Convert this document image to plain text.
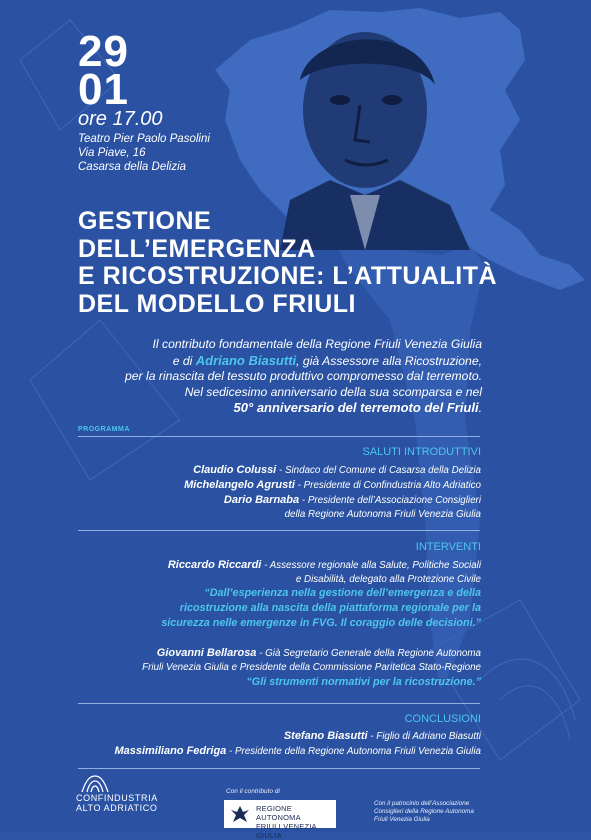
29
01
ore 17.00
Teatro Pier Paolo Pasolini
Via Piave, 16
Casarsa della Delizia
GESTIONE
DELL’EMERGENZA
E RICOSTRUZIONE: L’ATTUALITÀ
DEL MODELLO FRIULI
Il contributo fondamentale della Regione Friuli Venezia Giulia
e di Adriano Biasutti, già Assessore alla Ricostruzione,
per la rinascita del tessuto produttivo compromesso dal terremoto.
Nel sedicesimo anniversario della sua scomparsa e nel
50° anniversario del terremoto del Friuli.
PROGRAMMA
SALUTI INTRODUTTIVI
Claudio Colussi - Sindaco del Comune di Casarsa della Delizia
Michelangelo Agrusti - Presidente di Confindustria Alto Adriatico
Dario Barnaba - Presidente dell’Associazione Consiglieri
della Regione Autonoma Friuli Venezia Giulia
INTERVENTI
Riccardo Riccardi - Assessore regionale alla Salute, Politiche Sociali
e Disabilità, delegato alla Protezione Civile
“Dall’esperienza nella gestione dell’emergenza e della
ricostruzione alla nascita della piattaforma regionale per la
sicurezza nelle emergenze in FVG. Il coraggio delle decisioni.”
Giovanni Bellarosa - Già Segretario Generale della Regione Autonoma
Friuli Venezia Giulia e Presidente della Commissione Paritetica Stato-Regione
“Gli strumenti normativi per la ricostruzione.”
CONCLUSIONI
Stefano Biasutti - Figlio di Adriano Biasutti
Massimiliano Fedriga - Presidente della Regione Autonoma Friuli Venezia Giulia
CONFINDUSTRIA
ALTO ADRIATICO
Con il contributo di
REGIONE AUTONOMA
FRIULI VENEZIA GIULIA
Con il patrocinio dell’Associazione
Consiglieri della Regione Autonoma
Friuli Venezia Giulia
